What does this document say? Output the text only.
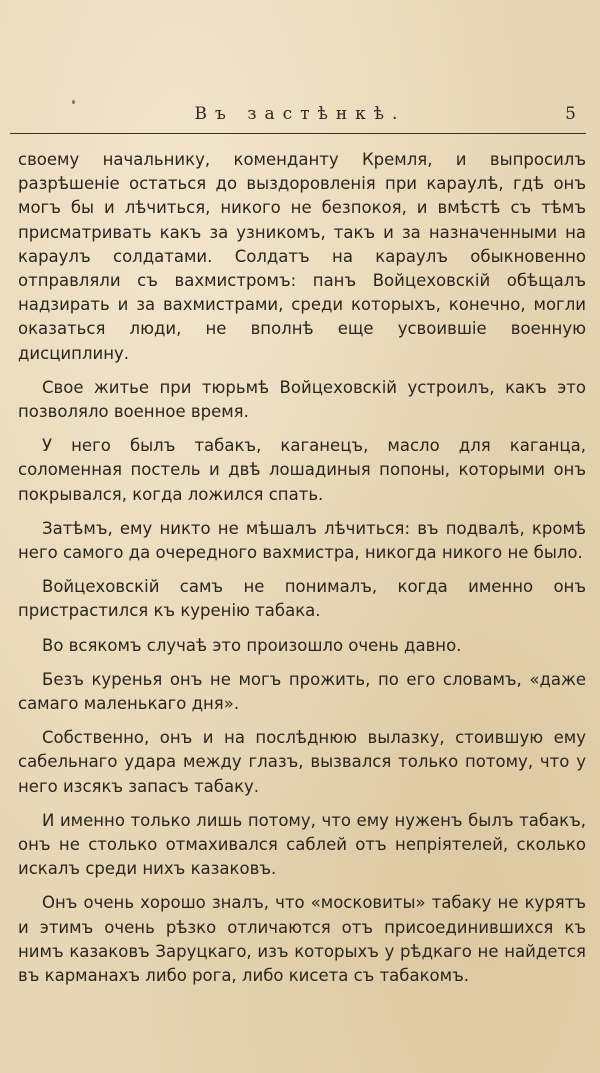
Въ застѣнкѣ.	5

своему начальнику, коменданту Кремля, и выпросилъ разрѣшеніе остаться до выздоровленія при караулѣ, гдѣ онъ могъ бы и лѣчиться, никого не безпокоя, и вмѣстѣ съ тѣмъ присматривать какъ за узникомъ, такъ и за назначенными на караулъ солдатами. Солдатъ на караулъ обыкновенно отправляли съ вахмистромъ: панъ Войцеховскій обѣщалъ надзирать и за вахмистрами, среди которыхъ, конечно, могли оказаться люди, не вполнѣ еще усвоившіе военную дисциплину.

Свое житье при тюрьмѣ Войцеховскій устроилъ, какъ это позволяло военное время.

У него былъ табакъ, каганецъ, масло для каганца, соломенная постель и двѣ лошадиныя попоны, которыми онъ покрывался, когда ложился спать.

Затѣмъ, ему никто не мѣшалъ лѣчиться: въ подвалѣ, кромѣ него самого да очередного вахмистра, никогда никого не было.

Войцеховскій самъ не понималъ, когда именно онъ пристрастился къ куренію табака.

Во всякомъ случаѣ это произошло очень давно.

Безъ куренья онъ не могъ прожить, по его словамъ, «даже самаго маленькаго дня».

Собственно, онъ и на послѣднюю вылазку, стоившую ему сабельнаго удара между глазъ, вызвался только потому, что у него изсякъ запасъ табаку.

И именно только лишь потому, что ему нуженъ былъ табакъ, онъ не столько отмахивался саблей отъ непріятелей, сколько искалъ среди нихъ казаковъ.

Онъ очень хорошо зналъ, что «московиты» табаку не курятъ и этимъ очень рѣзко отличаются отъ присоединившихся къ нимъ казаковъ Заруцкаго, изъ которыхъ у рѣдкаго не найдется въ карманахъ либо рога, либо кисета съ табакомъ.
